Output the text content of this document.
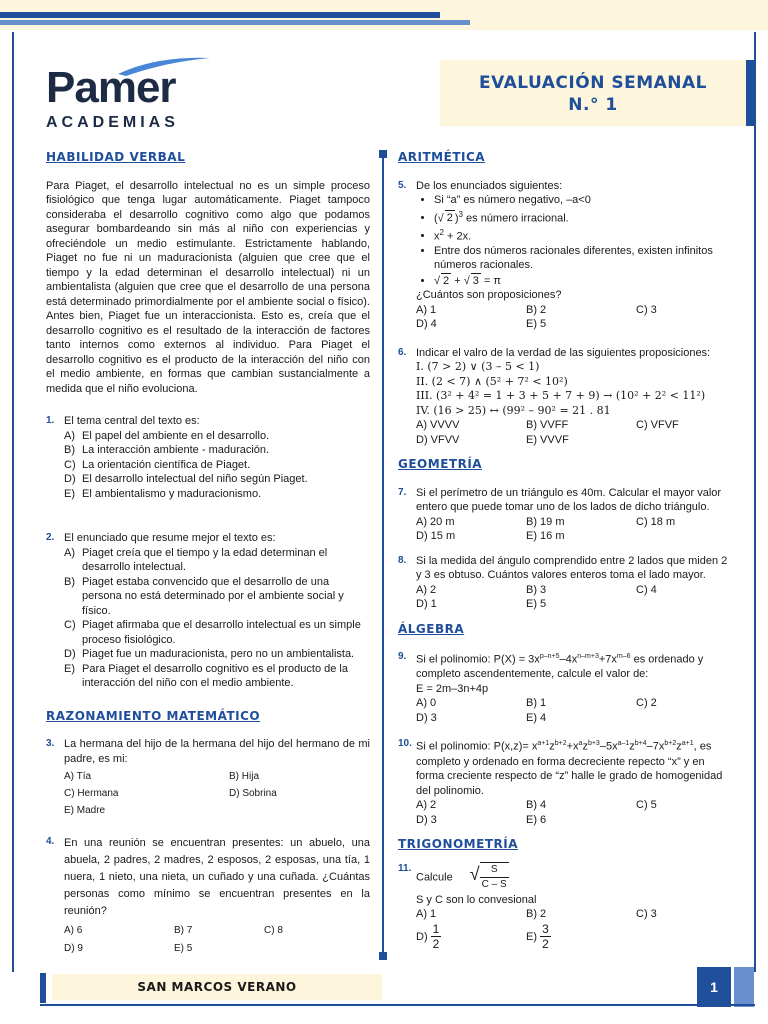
Pamer
ACADEMIAS
EVALUACIÓN SEMANAL
N.° 1
HABILIDAD VERBAL
Para Piaget, el desarrollo intelectual no es un simple proceso fisiológico que tenga lugar automáticamente. Piaget tampoco consideraba el desarrollo cognitivo como algo que podamos asegurar bombardeando sin más al niño con experiencias y ofreciéndole un medio estimulante. Estrictamente hablando, Piaget no fue ni un maduracionista (alguien que cree que el tiempo y la edad determinan el desarrollo intelectual) ni un ambientalista (alguien que cree que el desarrollo de una persona está determinado primordialmente por el ambiente social o físico). Antes bien, Piaget fue un interaccionista. Esto es, creía que el desarrollo cognitivo es el resultado de la interacción de factores tanto internos como externos al individuo. Para Piaget el desarrollo cognitivo es el producto de la interacción del niño con el medio ambiente, en formas que cambian sustancialmente a medida que el niño evoluciona.
1. El tema central del texto es:
A) El papel del ambiente en el desarrollo.
B) La interacción ambiente - maduración.
C) La orientación científica de Piaget.
D) El desarrollo intelectual del niño según Piaget.
E) El ambientalismo y maduracionismo.
2. El enunciado que resume mejor el texto es:
A) Piaget creía que el tiempo y la edad determinan el desarrollo intelectual.
B) Piaget estaba convencido que el desarrollo de una persona no está determinado por el ambiente social y físico.
C) Piaget afirmaba que el desarrollo intelectual es un simple proceso fisiológico.
D) Piaget fue un maduracionista, pero no un ambientalista.
E) Para Piaget el desarrollo cognitivo es el producto de la interacción del niño con el medio ambiente.
RAZONAMIENTO MATEMÁTICO
3. La hermana del hijo de la hermana del hijo del hermano de mi padre, es mi:
A) Tía	B) Hija
C) Hermana	D) Sobrina
E) Madre
4. En una reunión se encuentran presentes: un abuelo, una abuela, 2 padres, 2 madres, 2 esposos, 2 esposas, una tía, 1 nuera, 1 nieto, una nieta, un cuñado y una cuñada. ¿Cuántas personas como mínimo se encuentran presentes en la reunión?
A) 6	B) 7	C) 8
D) 9	E) 5
ARITMÉTICA
5. De los enunciados siguientes:
• Si “a” es número negativo, –a<0
• (√ 2 )$^3$ es número irracional.
• $x^2 + 2x$.
• Entre dos números racionales diferentes, existen infinitos números racionales.
• √ 2 + √ 3 = π
¿Cuántos son proposiciones?
A) 1	B) 2	C) 3
D) 4	E) 5
6. Indicar el valro de la verdad de las siguientes proposiciones:
I. (7 > 2) ∨ (3 – 5 < 1)
II. (2 < 7) ∧ (5² + 7² < 10²)
III. (3² + 4² = 1 + 3 + 5 + 7 + 9) → (10² + 2² < 11²)
IV. (16 > 25) ↔ (99² – 90² = 21 . 81
A) VVVV	B) VVFF	C) VFVF
D) VFVV	E) VVVF
GEOMETRÍA
7. Si el perímetro de un triángulo es 40m. Calcular el mayor valor entero que puede tomar uno de los lados de dicho triángulo.
A) 20 m	B) 19 m	C) 18 m
D) 15 m	E) 16 m
8. Si la medida del ángulo comprendido entre 2 lados que miden 2 y 3 es obtuso. Cuántos valores enteros toma el lado mayor.
A) 2	B) 3	C) 4
D) 1	E) 5
ÁLGEBRA
9. Si el polinomio: $P(X) = 3x^{p-n+5}-4x^{n-m+3}+7x^{m-6}$ es ordenado y completo ascendentemente, calcule el valor de:
E = 2m–3n+4p
A) 0	B) 1	C) 2
D) 3	E) 4
10. Si el polinomio: $P(x,z)= x^{a+1}z^{b+2}+x^az^{b+3}-5x^{a-1}z^{b+4}-7x^{b+2}z^{a+1}$, es completo y ordenado en forma decreciente repecto “x” y en forma creciente respecto de “z” halle le grado de homogenidad del polinomio.
A) 2	B) 4	C) 5
D) 3	E) 6
TRIGONOMETRÍA
11.
Calcule √ $\frac{S}{C - S}$
S y C son lo convesional
A) 1	B) 2	C) 3
$D) \frac{1}{2}$	$E) \frac{3}{2}$
SAN MARCOS VERANO	1
